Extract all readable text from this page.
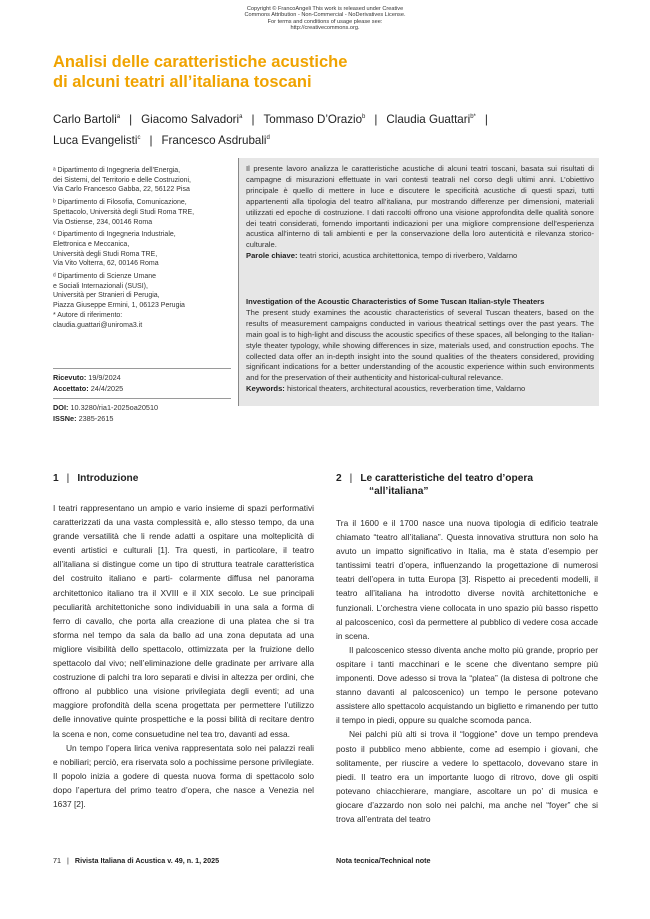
Copyright © FrancoAngeli This work is released under Creative
Commons Attribution - Non-Commercial - NoDerivatives License.
For terms and conditions of usage please see:
http://creativecommons.org.
Analisi delle caratteristiche acustiche
di alcuni teatri all’italiana toscani
Carlo Bartoli$^a$ | Giacomo Salvadori$^a$ | Tommaso D’Orazio$^b$ | Claudia Guattari$^{b*}$ |
Luca Evangelisti$^c$ | Francesco Asdrubali$^d$

ᵃ Dipartimento di Ingegneria dell’Energia,

dei Sistemi, del Territorio e delle Costruzioni,

Via Carlo Francesco Gabba, 22, 56122 Pisa

ᵇ Dipartimento di Filosofia, Comunicazione,

Spettacolo, Università degli Studi Roma TRE,

Via Ostiense, 234, 00146 Roma

ᶜ Dipartimento di Ingegneria Industriale,

Elettronica e Meccanica,

Università degli Studi Roma TRE,

Via Vito Volterra, 62, 00146 Roma

ᵈ Dipartimento di Scienze Umane

e Sociali Internazionali (SUSI),

Università per Stranieri di Perugia,

Piazza Giuseppe Ermini, 1, 06123 Perugia

* Autore di riferimento:

claudia.guattari@uniroma3.it

Ricevuto: 19/9/2024
Accettato: 24/4/2025
DOI: 10.3280/ria1-2025oa20510
ISSNe: 2385-2615
Il presente lavoro analizza le caratteristiche acustiche di alcuni teatri toscani, basata sui risultati di campagne di misurazioni effettuate in vari contesti teatrali nel corso degli ultimi anni. L’obiettivo principale è quello di mettere in luce e discutere le specificità acustiche di questi spazi, tutti appartenenti alla tipologia del teatro all’italiana, pur mostrando differenze per dimensioni, materiali utilizzati ed epoche di costruzione. I dati raccolti offrono una visione approfondita delle qualità sonore dei teatri considerati, fornendo importanti indicazioni per una migliore comprensione dell’esperienza acustica all’interno di tali ambienti e per la conservazione della loro autenticità e rilevanza storico-culturale.
Parole chiave: teatri storici, acustica architettonica, tempo di riverbero, Valdarno
Investigation of the Acoustic Characteristics of Some Tuscan Italian-style Theaters
The present study examines the acoustic characteristics of several Tuscan theaters, based on the results of measurement campaigns conducted in various theatrical settings over the past years. The main goal is to high-light and discuss the acoustic specifics of these spaces, all belonging to the Italian-style theater typology, while showing differences in size, materials used, and construction epochs. The collected data offer an in-depth insight into the sound qualities of the theaters considered, providing significant indications for a better understanding of the acoustic experience within such environments and for the preservation of their authenticity and historical-cultural relevance.
Keywords: historical theaters, architectural acoustics, reverberation time, Valdarno
1 | Introduzione

I teatri rappresentano un ampio e vario insieme di spazi performativi caratterizzati da una vasta complessità e, allo stesso tempo, da una grande versatilità che li rende adatti a ospitare una molteplicità di eventi artistici e culturali [1]. Tra questi, in particolare, il teatro all’italiana si distingue come un tipo di struttura teatrale caratteristica del costruito italiano e parti- colarmente diffusa nel panorama architettonico italiano tra il XVIII e il XIX secolo. Le sue principali peculiarità architettoniche sono individuabili in una sala a forma di ferro di cavallo, che porta alla creazione di una platea che si tra sforma nel tempo da sala da ballo ad una zona deputata ad una migliore visibilità dello spettacolo, ottimizzata per la fruizione dello spettacolo dal vivo; nell’eliminazione delle gradinate per arrivare alla costruzione di palchi tra loro separati e divisi in altezza per ordini, che offrono al pubblico una visione privilegiata degli eventi; ad una maggiore profondità della scena progettata per permettere l’utilizzo delle innovative quinte prospettiche e la possi bilità di recitare dentro la scena e non, come consuetudine nel tea tro, davanti ad essa.

Un tempo l’opera lirica veniva rappresentata solo nei palazzi reali e nobiliari; perciò, era riservata solo a pochissime persone privilegiate. Il popolo inizia a godere di questa nuova forma di spettacolo solo dopo l’apertura del primo teatro d’opera, che nasce a Venezia nel 1637 [2].

2 | Le caratteristiche del teatro d’opera
“all’italiana”

Tra il 1600 e il 1700 nasce una nuova tipologia di edificio teatrale chiamato “teatro all’italiana”. Questa innovativa struttura non solo ha avuto un impatto significativo in Italia, ma è stata d’esempio per tantissimi teatri d’opera, influenzando la progettazione di numerosi teatri dell’opera in tutta Europa [3]. Rispetto ai precedenti modelli, il teatro all’italiana ha introdotto diverse novità architettoniche e funzionali. L’orchestra viene collocata in uno spazio più basso rispetto al palcoscenico, così da permettere al pubblico di vedere cosa accade in scena.

Il palcoscenico stesso diventa anche molto più grande, proprio per ospitare i tanti macchinari e le scene che diventano sempre più imponenti. Dove adesso si trova la “platea” (la distesa di poltrone che stanno davanti al palcoscenico) un tempo le persone potevano assistere allo spettacolo acquistando un biglietto e rimanendo per tutto il tempo in piedi, oppure su qualche scomoda panca.

Nei palchi più alti si trova il “loggione” dove un tempo prendeva posto il pubblico meno abbiente, come ad esempio i giovani, che solitamente, per riuscire a vedere lo spettacolo, dovevano stare in piedi. Il teatro era un importante luogo di ritrovo, dove gli ospiti potevano chiacchierare, mangiare, ascoltare un po’ di musica e giocare d’azzardo non solo nei palchi, ma anche nel “foyer” che si trova all’entrata del teatro

71 | Rivista Italiana di Acustica v. 49, n. 1, 2025	Nota tecnica/Technical note
